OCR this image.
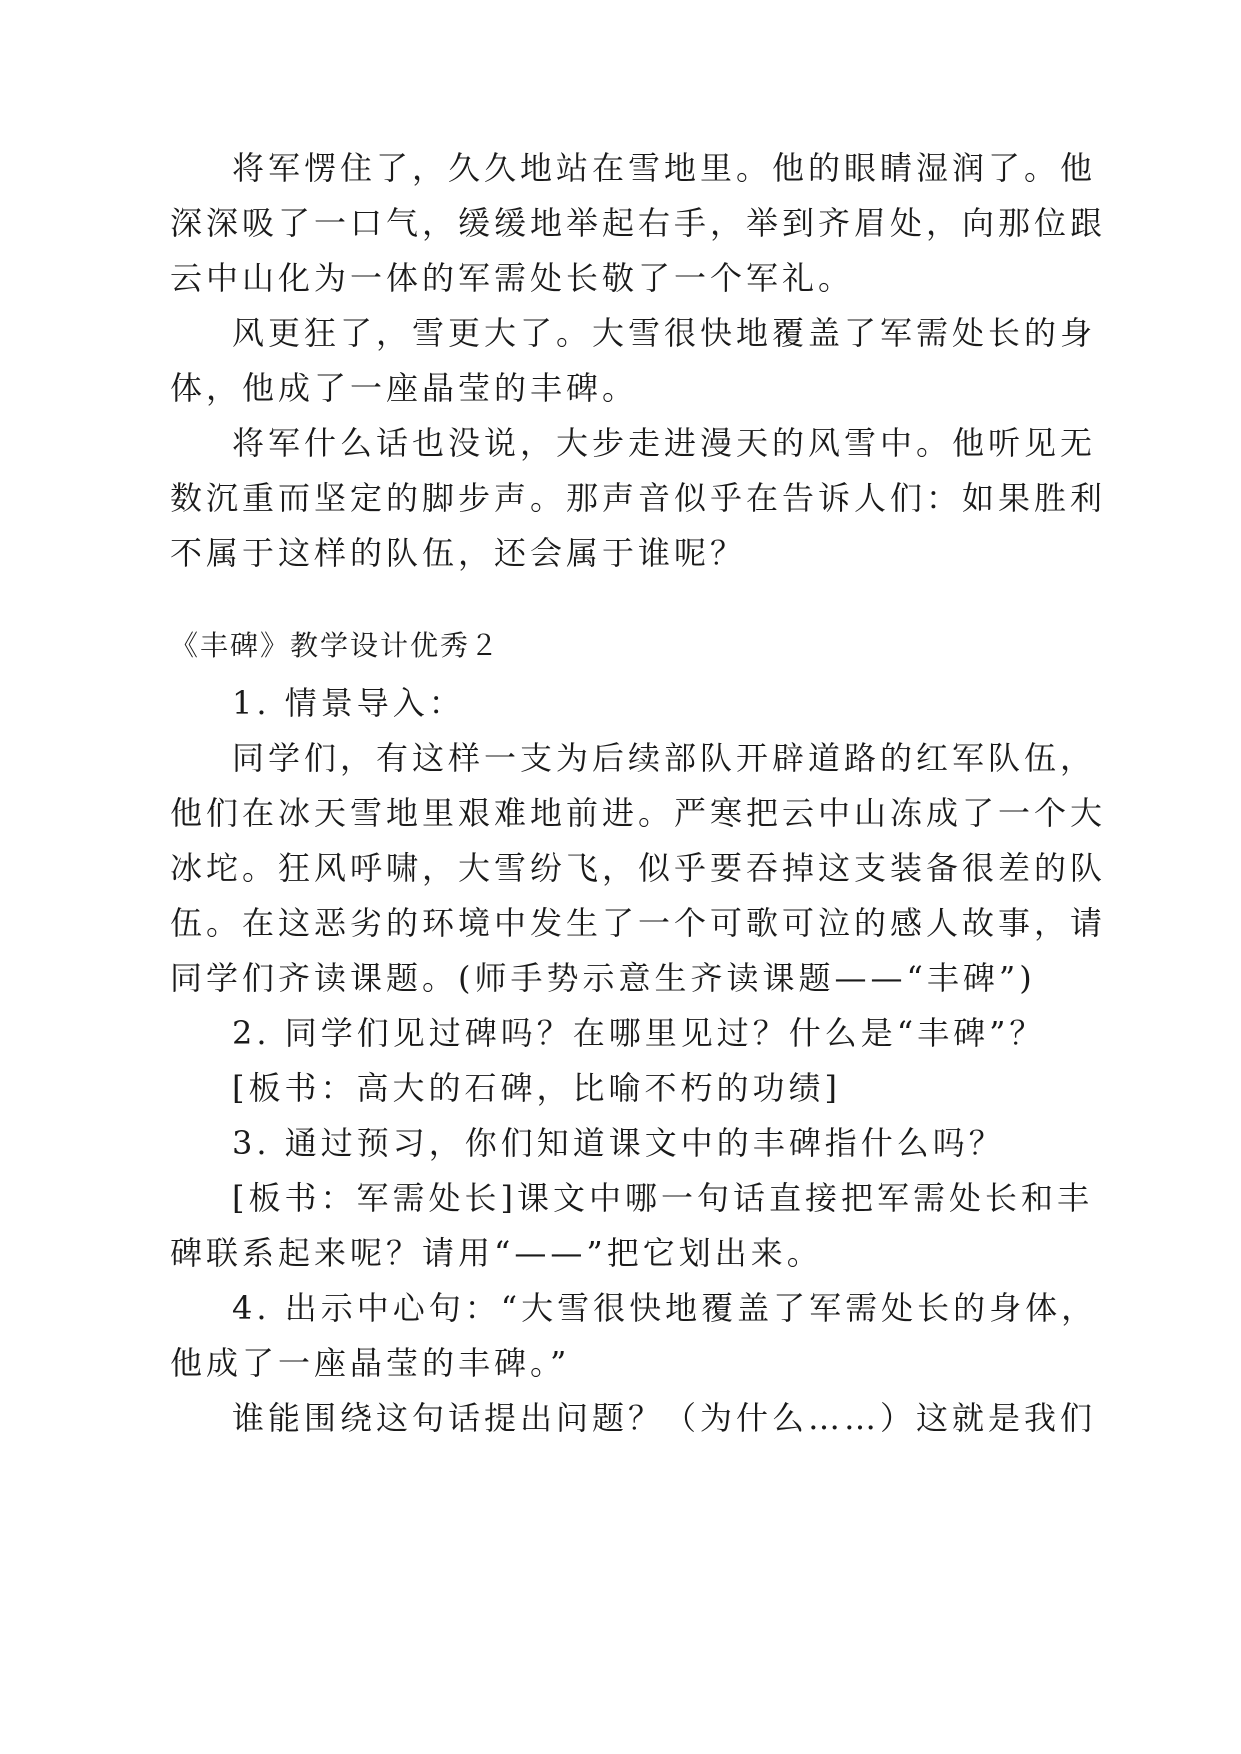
将军愣住了，久久地站在雪地里。他的眼睛湿润了。他
深深吸了一口气，缓缓地举起右手，举到齐眉处，向那位跟
云中山化为一体的军需处长敬了一个军礼。
风更狂了，雪更大了。大雪很快地覆盖了军需处长的身
体，他成了一座晶莹的丰碑。
将军什么话也没说，大步走进漫天的风雪中。他听见无
数沉重而坚定的脚步声。那声音似乎在告诉人们：如果胜利
不属于这样的队伍，还会属于谁呢？
《丰碑》教学设计优秀２
1. 情景导入：
同学们，有这样一支为后续部队开辟道路的红军队伍，
他们在冰天雪地里艰难地前进。严寒把云中山冻成了一个大
冰坨。狂风呼啸，大雪纷飞，似乎要吞掉这支装备很差的队
伍。在这恶劣的环境中发生了一个可歌可泣的感人故事，请
同学们齐读课题。(师手势示意生齐读课题——“丰碑”)
2. 同学们见过碑吗？在哪里见过？什么是“丰碑”？
[板书：高大的石碑，比喻不朽的功绩]
3. 通过预习，你们知道课文中的丰碑指什么吗？
[板书：军需处长]课文中哪一句话直接把军需处长和丰
碑联系起来呢？请用“——”把它划出来。
4. 出示中心句：“大雪很快地覆盖了军需处长的身体，
他成了一座晶莹的丰碑。”
谁能围绕这句话提出问题？（为什么……）这就是我们
